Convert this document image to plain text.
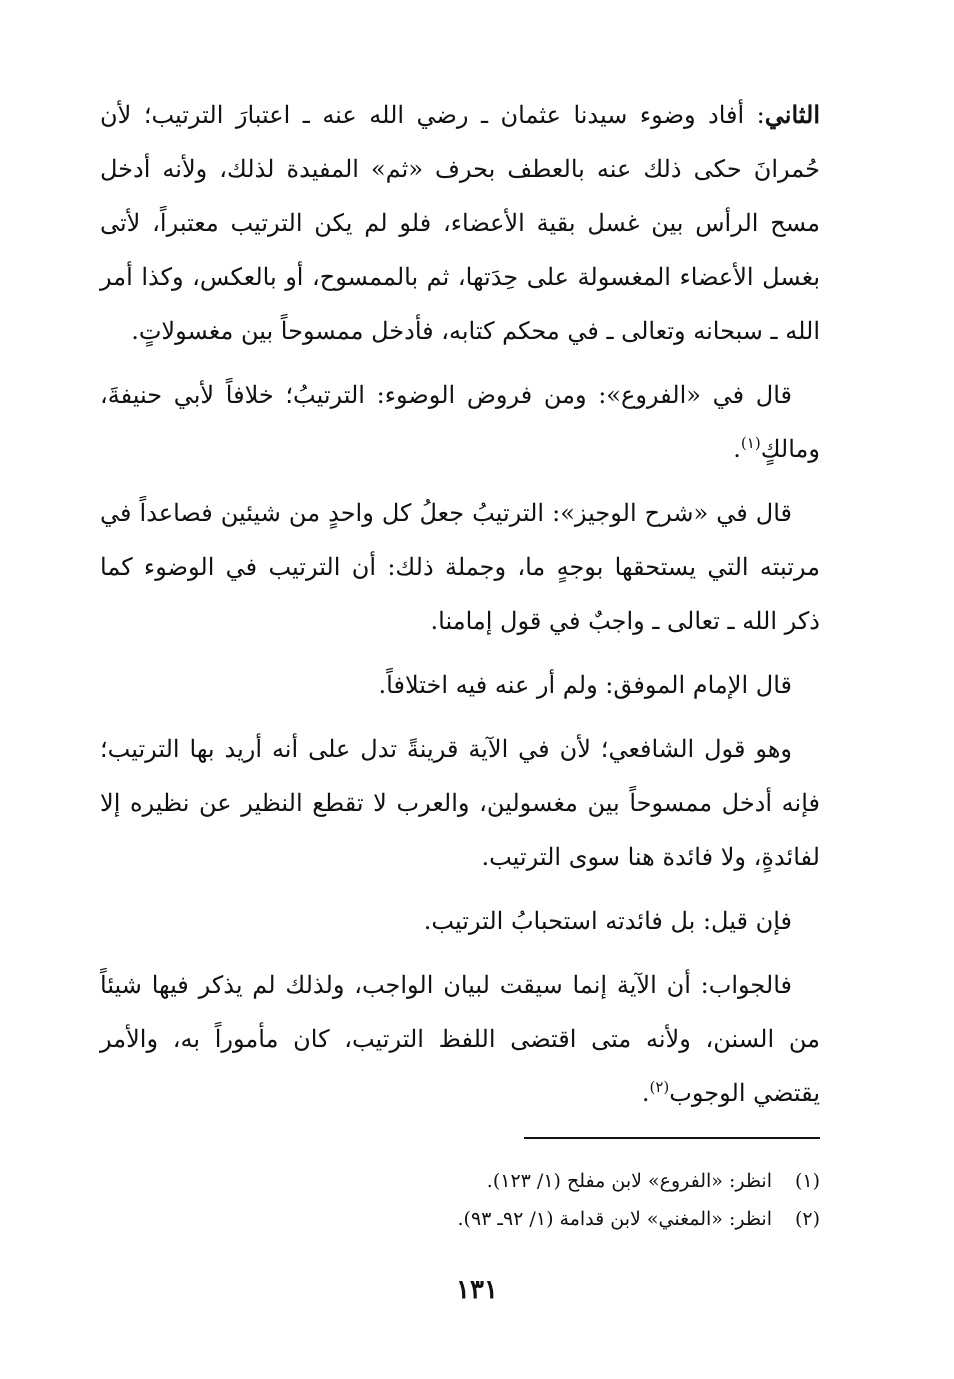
الثاني: أفاد وضوء سيدنا عثمان ـ رضي الله عنه ـ اعتبارَ الترتيب؛ لأن حُمرانَ حكى ذلك عنه بالعطف بحرف «ثم» المفيدة لذلك، ولأنه أدخل مسح الرأس بين غسل بقية الأعضاء، فلو لم يكن الترتيب معتبراً، لأتى بغسل الأعضاء المغسولة على حِدَتها، ثم بالممسوح، أو بالعكس، وكذا أمر الله ـ سبحانه وتعالى ـ في محكم كتابه، فأدخل ممسوحاً بين مغسولاتٍ.

قال في «الفروع»: ومن فروض الوضوء: الترتيبُ؛ خلافاً لأبي حنيفةَ، ومالكٍ$^{(١)}$.

قال في «شرح الوجيز»: الترتيبُ جعلُ كل واحدٍ من شيئين فصاعداً في مرتبته التي يستحقها بوجهٍ ما، وجملة ذلك: أن الترتيب في الوضوء كما ذكر الله ـ تعالى ـ واجبٌ في قول إمامنا.

قال الإمام الموفق: ولم أر عنه فيه اختلافاً.

وهو قول الشافعي؛ لأن في الآية قرينةً تدل على أنه أريد بها الترتيب؛ فإنه أدخل ممسوحاً بين مغسولين، والعرب لا تقطع النظير عن نظيره إلا لفائدةٍ، ولا فائدة هنا سوى الترتيب.

فإن قيل: بل فائدته استحبابُ الترتيب.

فالجواب: أن الآية إنما سيقت لبيان الواجب، ولذلك لم يذكر فيها شيئاً من السنن، ولأنه متى اقتضى اللفظ الترتيب، كان مأموراً به، والأمر يقتضي الوجوب$^{(٢)}$.

(١)انظر: «الفروع» لابن مفلح (١/ ١٢٣).
(٢)انظر: «المغني» لابن قدامة (١/ ٩٢ـ ٩٣).
١٣١
